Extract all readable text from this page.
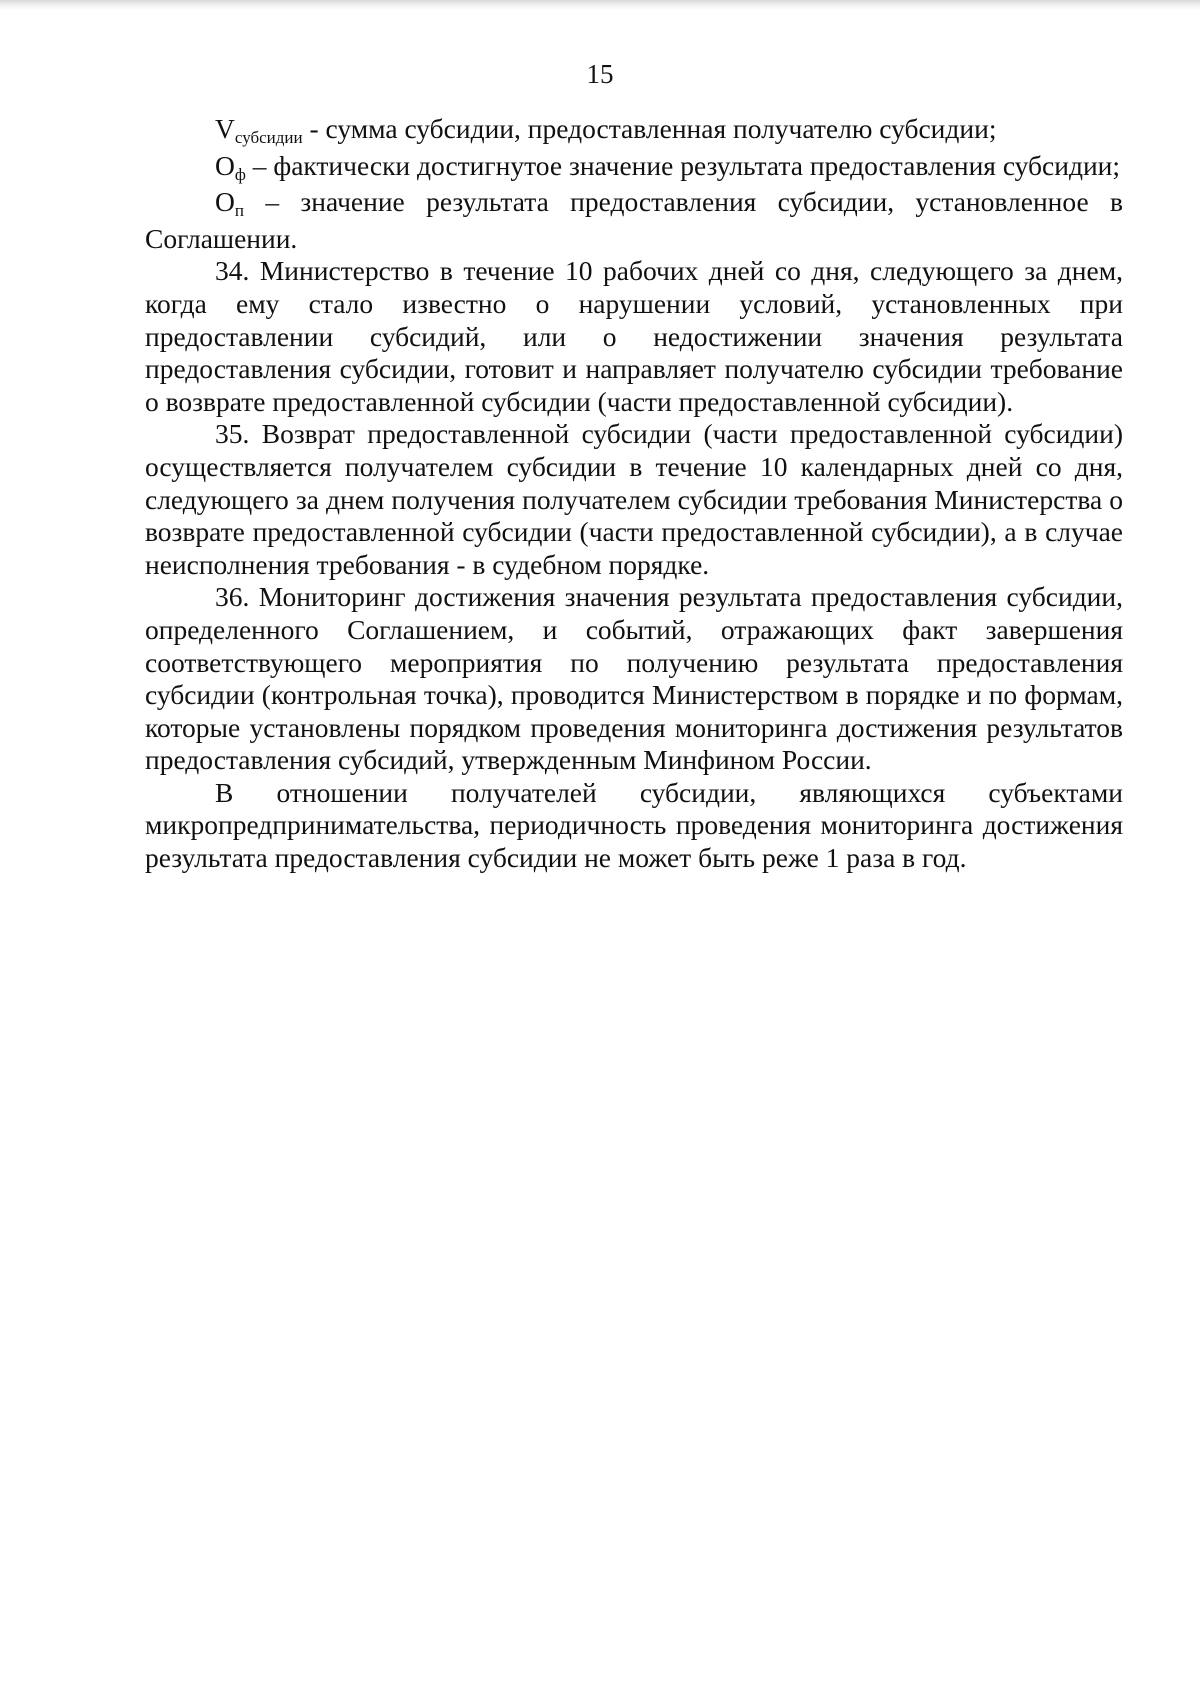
15

Vсубсидии - сумма субсидии, предоставленная получателю субсидии;

Oф – фактически достигнутое значение результата предоставления субсидии;

Oп – значение результата предоставления субсидии, установленное в Соглашении.

34. Министерство в течение 10 рабочих дней со дня, следующего за днем, когда ему стало известно о нарушении условий, установленных при предоставлении субсидий, или о недостижении значения результата предоставления субсидии, готовит и направляет получателю субсидии требование о возврате предоставленной субсидии (части предоставленной субсидии).

35. Возврат предоставленной субсидии (части предоставленной субсидии) осуществляется получателем субсидии в течение 10 календарных дней со дня, следующего за днем получения получателем субсидии требования Министерства о возврате предоставленной субсидии (части предоставленной субсидии), а в случае неисполнения требования - в судебном порядке.

36. Мониторинг достижения значения результата предоставления субсидии, определенного Соглашением, и событий, отражающих факт завершения соответствующего мероприятия по получению результата предоставления субсидии (контрольная точка), проводится Министерством в порядке и по формам, которые установлены порядком проведения мониторинга достижения результатов предоставления субсидий, утвержденным Минфином России.

В отношении получателей субсидии, являющихся субъектами микропредпринимательства, периодичность проведения мониторинга достижения результата предоставления субсидии не может быть реже 1 раза в год.
